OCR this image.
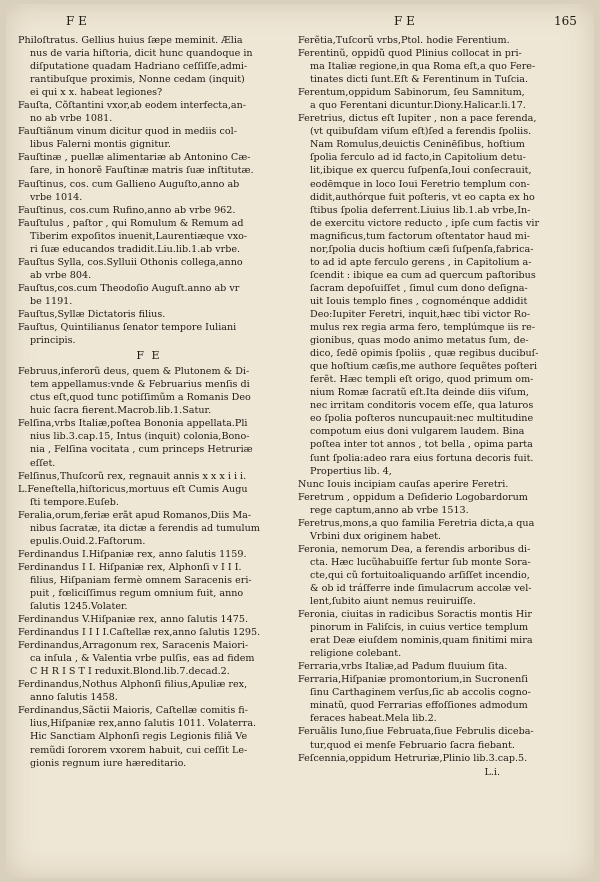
F E	F E	165

Philoſtratus. Gellius huius ſæpe meminit. Ælia
nus de varia hiſtoria, dicit hunc quandoque in
diſputatione quadam Hadriano ceſſiſſe,admi-
rantibuſque proximis, Nonne cedam (inquit)
ei qui x x. habeat legiones?

Fauſta, Cõſtantini vxor,ab eodem interfecta,an-
no ab vrbe 1081.

Fauſtiãnum vinum dicitur quod in mediis col-
libus Falerni montis gignitur.

Fauſtinæ , puellæ alimentariæ ab Antonino Cæ-
ſare, in honorẽ Fauſtinæ matris ſuæ inſtitutæ.

Fauſtinus, cos. cum Gallieno Auguſto,anno ab
vrbe 1014.

Fauſtinus, cos.cum Rufino,anno ab vrbe 962.

Fauſtulus , paſtor , qui Romulum & Remum ad
Tiberim expoſitos inuenit,Laurentiæque vxo-
ri ſuæ educandos tradidit.Liu.lib.1.ab vrbe.

Fauſtus Sylla, cos.Sylluii Othonis collega,anno
ab vrbe 804.

Fauſtus,cos.cum Theodoſio Auguſt.anno ab vr
be 1191.

Fauſtus,Syllæ Dictatoris filius.

Fauſtus, Quintilianus ſenator tempore Iuliani
principis.

F E

Februus,inferorũ deus, quem & Plutonem & Di-
tem appellamus:vnde & Februarius menſis di
ctus eſt,quod tunc potiſſimũm a Romanis Deo
huic ſacra fierent.Macrob.lib.1.Satur.

Felſina,vrbs Italiæ,poſtea Bononia appellata.Pli
nius lib.3.cap.15, Intus (inquit) colonia,Bono-
nia , Felſina vocitata , cum princeps Hetruriæ
eſſet.

Felſinus,Thuſcorũ rex, regnauit annis x x x i i i.

L.Feneſtella,hiſtoricus,mortuus eſt Cumis Augu
ſti tempore.Euſeb.

Feralia,orum,feriæ erãt apud Romanos,Diis Ma-
nibus ſacratæ, ita dictæ a ferendis ad tumulum
epulis.Ouid.2.Faſtorum.

Ferdinandus I.Hiſpaniæ rex, anno ſalutis 1159.

Ferdinandus I I. Hiſpaniæ rex, Alphonſi v I I I.
filius, Hiſpaniam fermè omnem Saracenis eri-
puit , fœliciſſimus regum omnium fuit, anno
ſalutis 1245.Volater.

Ferdinandus V.Hiſpaniæ rex, anno ſalutis 1475.

Ferdinandus I I I I.Caſtellæ rex,anno ſalutis 1295.

Ferdinandus,Arragonum rex, Saracenis Maiori-
ca inſula , & Valentia vrbe pulſis, eas ad fidem
C H R I S T I reduxit.Blond.lib.7.decad.2.

Ferdinandus,Nothus Alphonſi filius,Apuliæ rex,
anno ſalutis 1458.

Ferdinandus,Sãctii Maioris, Caſtellæ comitis fi-
lius,Hiſpaniæ rex,anno ſalutis 1011. Volaterra.
Hic Sanctiam Alphonſi regis Legionis filiã Ve
remũdi ſororem vxorem habuit, cui ceſſit Le-
gionis regnum iure hæreditario.

Ferẽtia,Tuſcorũ vrbs,Ptol. hodie Ferentium.

Ferentinũ, oppidũ quod Plinius collocat in pri-
ma Italiæ regione,in qua Roma eſt,a quo Fere-
tinates dicti ſunt.Eſt & Ferentinum in Tuſcia.

Ferentum,oppidum Sabinorum, ſeu Samnitum,
a quo Ferentani dicuntur.Diony.Halicar.li.17.

Feretrius, dictus eſt Iupiter , non a pace ferenda,
(vt quibuſdam viſum eſt)ſed a ferendis ſpoliis.
Nam Romulus,deuictis Ceninēſibus, hoſtium
ſpolia ferculo ad id facto,in Capitolium detu-
lit,ibique ex quercu ſuſpenſa,Ioui conſecrauit,
eodēmque in loco Ioui Feretrio templum con-
didit,authórque fuit poſteris, vt eo capta ex ho
ſtibus ſpolia deferrent.Liuius lib.1.ab vrbe,In-
de exercitu victore reducto , ipſe cum factis vir
magnificus,tum factorum oſtentator haud mi-
nor,ſpolia ducis hoſtium cæſi ſuſpenſa,fabrica-
to ad id apte ferculo gerens , in Capitolium a-
ſcendit : ibique ea cum ad quercum paſtoribus
ſacram depoſuiſſet , ſimul cum dono deſigna-
uit Iouis templo fines , cognoménque addidit
Deo:Iupiter Feretri, inquit,hæc tibi victor Ro-
mulus rex regia arma fero, templúmque iis re-
gionibus, quas modo animo metatus ſum, de-
dico, ſedē opimis ſpoliis , quæ regibus ducibuſ-
que hoſtium cæſis,me authore ſequẽtes poſteri
ferẽt. Hæc templi eſt origo, quod primum om-
nium Romæ ſacratũ eſt.Ita deinde diis viſum,
nec irritam conditoris vocem eſſe, qua laturos
eo ſpolia poſteros nuncupauit:nec multitudine
compotum eius doni vulgarem laudem. Bina
poſtea inter tot annos , tot bella , opima parta
ſunt ſpolia:adeo rara eius fortuna decoris fuit.
Propertius lib. 4,

Nunc Iouis incipiam cauſas aperire Feretri.

Feretrum , oppidum a Deſiderio Logobardorum
rege captum,anno ab vrbe 1513.

Feretrus,mons,a quo familia Feretria dicta,a qua
Vrbini dux originem habet.

Feronia, nemorum Dea, a ferendis arboribus di-
cta. Hæc lucũhabuiſſe fertur ſub monte Sora-
cte,qui cũ fortuitoaliquando arſiſſet incendio,
& ob id tráſferre inde ſimulacrum accolæ vel-
lent,ſubito aiunt nemus reuiruiſſe.

Feronia, ciuitas in radicibus Soractis montis Hir
pinorum in Faliſcis, in cuius vertice templum
erat Deæ eiuſdem nominis,quam finitimi mira
religione colebant.

Ferraria,vrbs Italiæ,ad Padum fluuium ſita.

Ferraria,Hiſpaniæ promontorium,in Sucronenſi
ſinu Carthaginem verſus,ſic ab accolis cogno-
minatũ, quod Ferrarias effoſſiones admodum
feraces habeat.Mela lib.2.

Feruãlis Iuno,ſiue Februata,ſiue Februlis diceba-
tur,quod ei menſe Februario ſacra fiebant.

Feſcennia,oppidum Hetruriæ,Plinio lib.3.cap.5.

L.i.
